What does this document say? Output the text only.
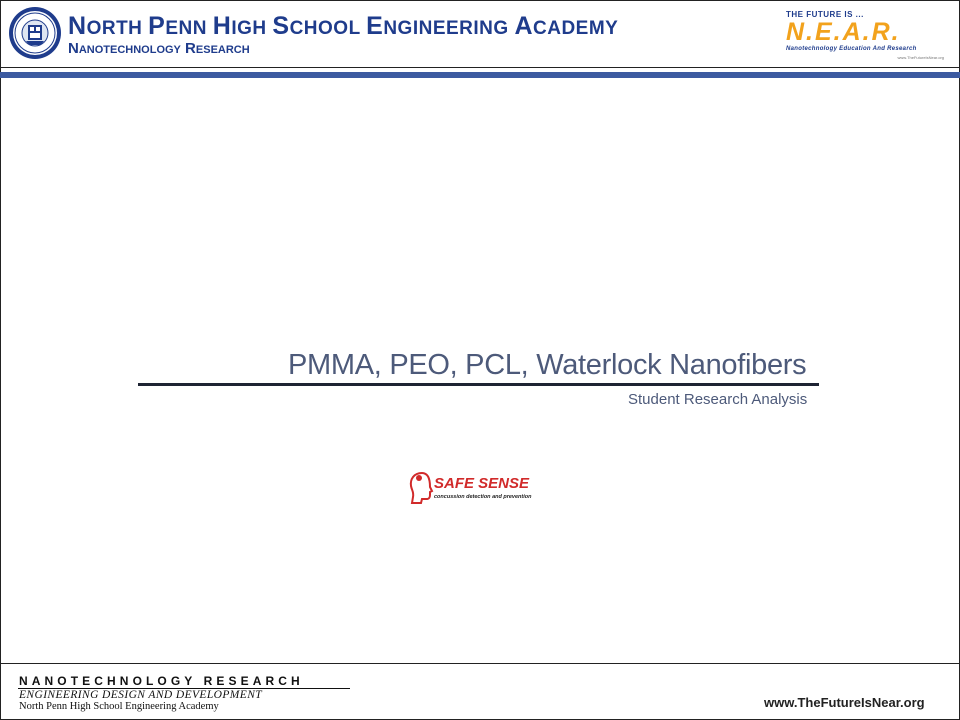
NORTH PENN HIGH SCHOOL ENGINEERING ACADEMY
Nanotechnology Research
THE FUTURE IS ...
N.E.A.R.
Nanotechnology Education And Research
www.TheFutureIsNear.org
PMMA, PEO, PCL, Waterlock Nanofibers
Student Research Analysis
SAFE SENSE
concussion detection and prevention
NANOTECHNOLOGY RESEARCH
ENGINEERING DESIGN AND DEVELOPMENT
North Penn High School Engineering Academy	www.TheFutureIsNear.org
